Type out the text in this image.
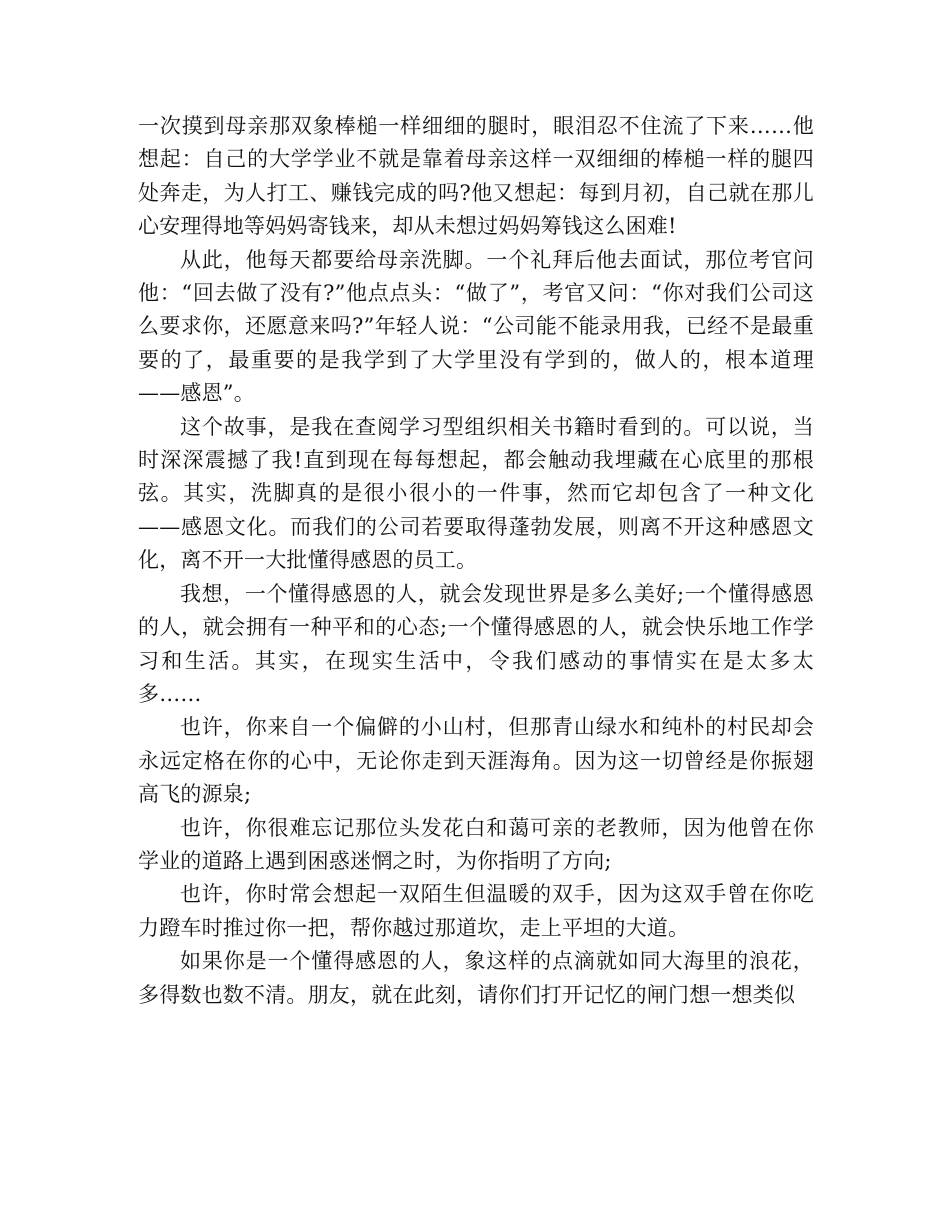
一次摸到母亲那双象棒槌一样细细的腿时，眼泪忍不住流了下来……他想起：自己的大学学业不就是靠着母亲这样一双细细的棒槌一样的腿四处奔走，为人打工、赚钱完成的吗?他又想起：每到月初，自己就在那儿心安理得地等妈妈寄钱来，却从未想过妈妈筹钱这么困难!

从此，他每天都要给母亲洗脚。一个礼拜后他去面试，那位考官问他：“回去做了没有?”他点点头：“做了”，考官又问：“你对我们公司这么要求你，还愿意来吗?”年轻人说：“公司能不能录用我，已经不是最重要的了，最重要的是我学到了大学里没有学到的，做人的，根本道理——感恩”。

这个故事，是我在查阅学习型组织相关书籍时看到的。可以说，当时深深震撼了我!直到现在每每想起，都会触动我埋藏在心底里的那根弦。其实，洗脚真的是很小很小的一件事，然而它却包含了一种文化——感恩文化。而我们的公司若要取得蓬勃发展，则离不开这种感恩文化，离不开一大批懂得感恩的员工。

我想，一个懂得感恩的人，就会发现世界是多么美好;一个懂得感恩的人，就会拥有一种平和的心态;一个懂得感恩的人，就会快乐地工作学习和生活。其实，在现实生活中，令我们感动的事情实在是太多太多……

也许，你来自一个偏僻的小山村，但那青山绿水和纯朴的村民却会永远定格在你的心中，无论你走到天涯海角。因为这一切曾经是你振翅高飞的源泉;

也许，你很难忘记那位头发花白和蔼可亲的老教师，因为他曾在你学业的道路上遇到困惑迷惘之时，为你指明了方向;

也许，你时常会想起一双陌生但温暖的双手，因为这双手曾在你吃力蹬车时推过你一把，帮你越过那道坎，走上平坦的大道。

如果你是一个懂得感恩的人，象这样的点滴就如同大海里的浪花，多得数也数不清。朋友，就在此刻，请你们打开记忆的闸门想一想类似
